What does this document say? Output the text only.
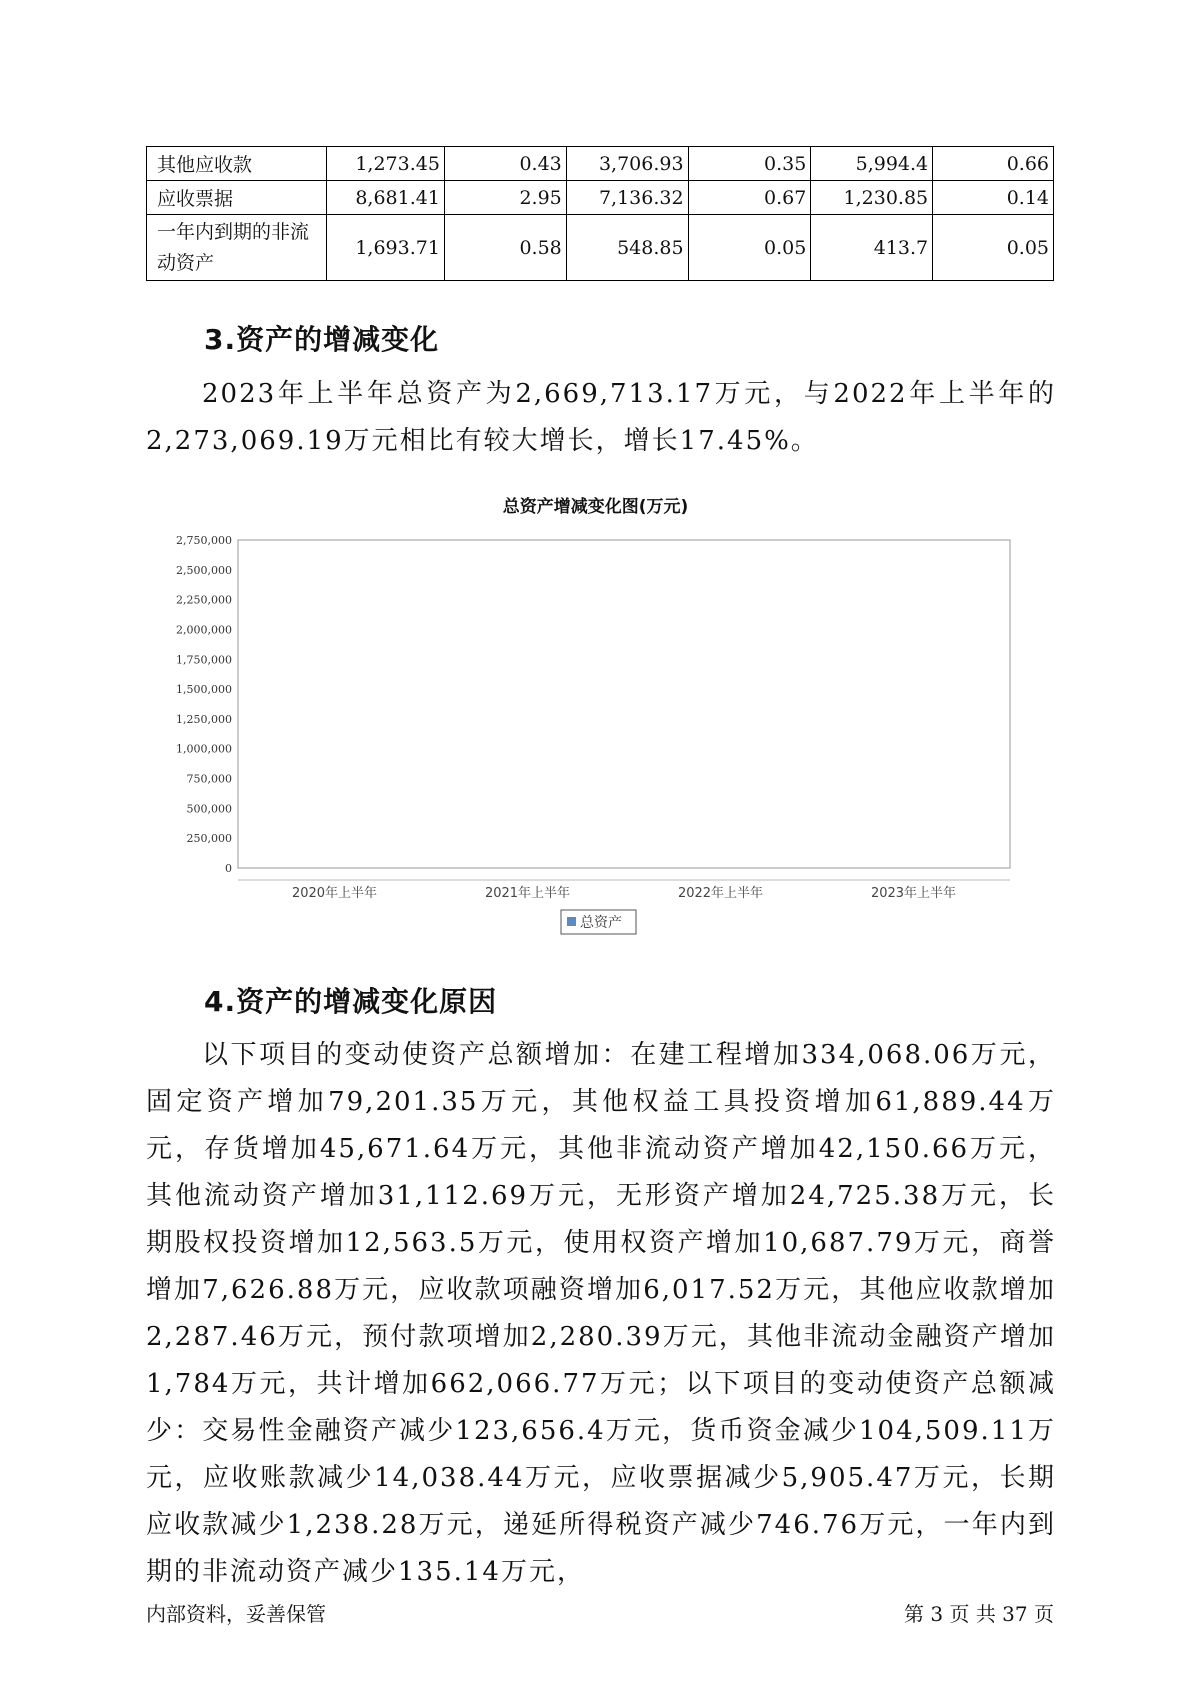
其他应收款	1,273.45	0.43	3,706.93	0.35	5,994.4	0.66
应收票据	8,681.41	2.95	7,136.32	0.67	1,230.85	0.14
一年内到期的非流动资产	1,693.71	0.58	548.85	0.05	413.7	0.05
3.资产的增减变化

2023年上半年总资产为2,669,713.17万元，与2022年上半年的2,273,069.19万元相比有较大增长，增长17.45%。

总资产增减变化图(万元)
0
250,000
500,000
750,000
1,000,000
1,250,000
1,500,000
1,750,000
2,000,000
2,250,000
2,500,000
2,750,000
2020年上半年	2021年上半年	2022年上半年	2023年上半年
总资产
4.资产的增减变化原因

以下项目的变动使资产总额增加：在建工程增加334,068.06万元，固定资产增加79,201.35万元，其他权益工具投资增加61,889.44万元，存货增加45,671.64万元，其他非流动资产增加42,150.66万元，其他流动资产增加31,112.69万元，无形资产增加24,725.38万元，长期股权投资增加12,563.5万元，使用权资产增加10,687.79万元，商誉增加7,626.88万元，应收款项融资增加6,017.52万元，其他应收款增加2,287.46万元，预付款项增加2,280.39万元，其他非流动金融资产增加1,784万元，共计增加662,066.77万元；以下项目的变动使资产总额减少：交易性金融资产减少123,656.4万元，货币资金减少104,509.11万元，应收账款减少14,038.44万元，应收票据减少5,905.47万元，长期应收款减少1,238.28万元，递延所得税资产减少746.76万元，一年内到期的非流动资产减少135.14万元，

内部资料，妥善保管	第 3 页 共 37 页
